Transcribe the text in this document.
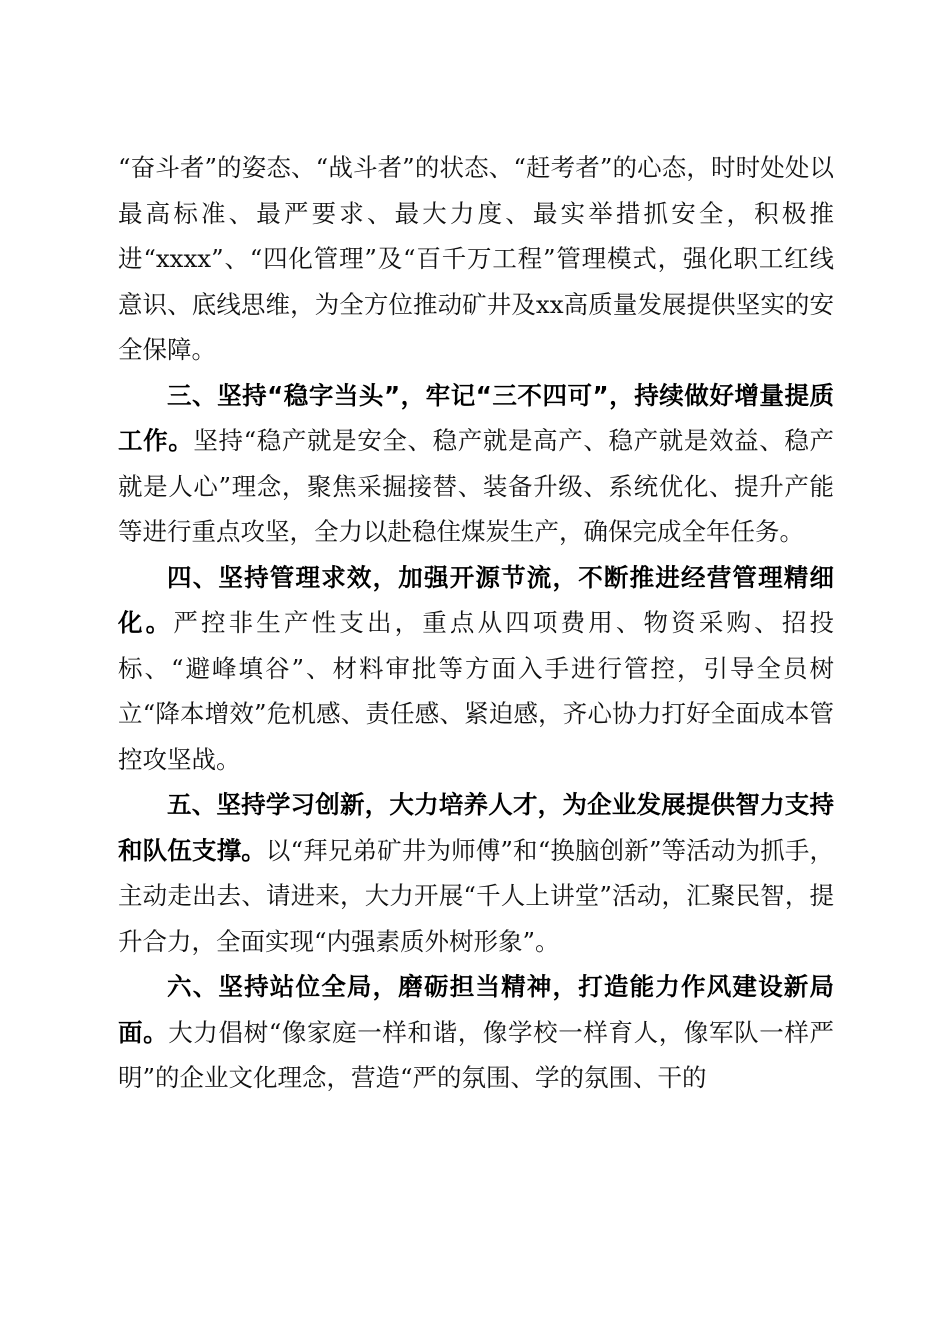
“奋斗者”的姿态、“战斗者”的状态、“赶考者”的心态，时时处处以最高标准、最严要求、最大力度、最实举措抓安全，积极推进“xxxx”、“四化管理”及“百千万工程”管理模式，强化职工红线意识、底线思维，为全方位推动矿井及xx高质量发展提供坚实的安全保障。

三、坚持“稳字当头”，牢记“三不四可”，持续做好增量提质工作。坚持“稳产就是安全、稳产就是高产、稳产就是效益、稳产就是人心”理念，聚焦采掘接替、装备升级、系统优化、提升产能等进行重点攻坚，全力以赴稳住煤炭生产，确保完成全年任务。

四、坚持管理求效，加强开源节流，不断推进经营管理精细化。严控非生产性支出，重点从四项费用、物资采购、招投标、“避峰填谷”、材料审批等方面入手进行管控，引导全员树立“降本增效”危机感、责任感、紧迫感，齐心协力打好全面成本管控攻坚战。

五、坚持学习创新，大力培养人才，为企业发展提供智力支持和队伍支撑。以“拜兄弟矿井为师傅”和“换脑创新”等活动为抓手，主动走出去、请进来，大力开展“千人上讲堂”活动，汇聚民智，提升合力，全面实现“内强素质外树形象”。

六、坚持站位全局，磨砺担当精神，打造能力作风建设新局面。大力倡树“像家庭一样和谐，像学校一样育人，像军队一样严明”的企业文化理念，营造“严的氛围、学的氛围、干的
